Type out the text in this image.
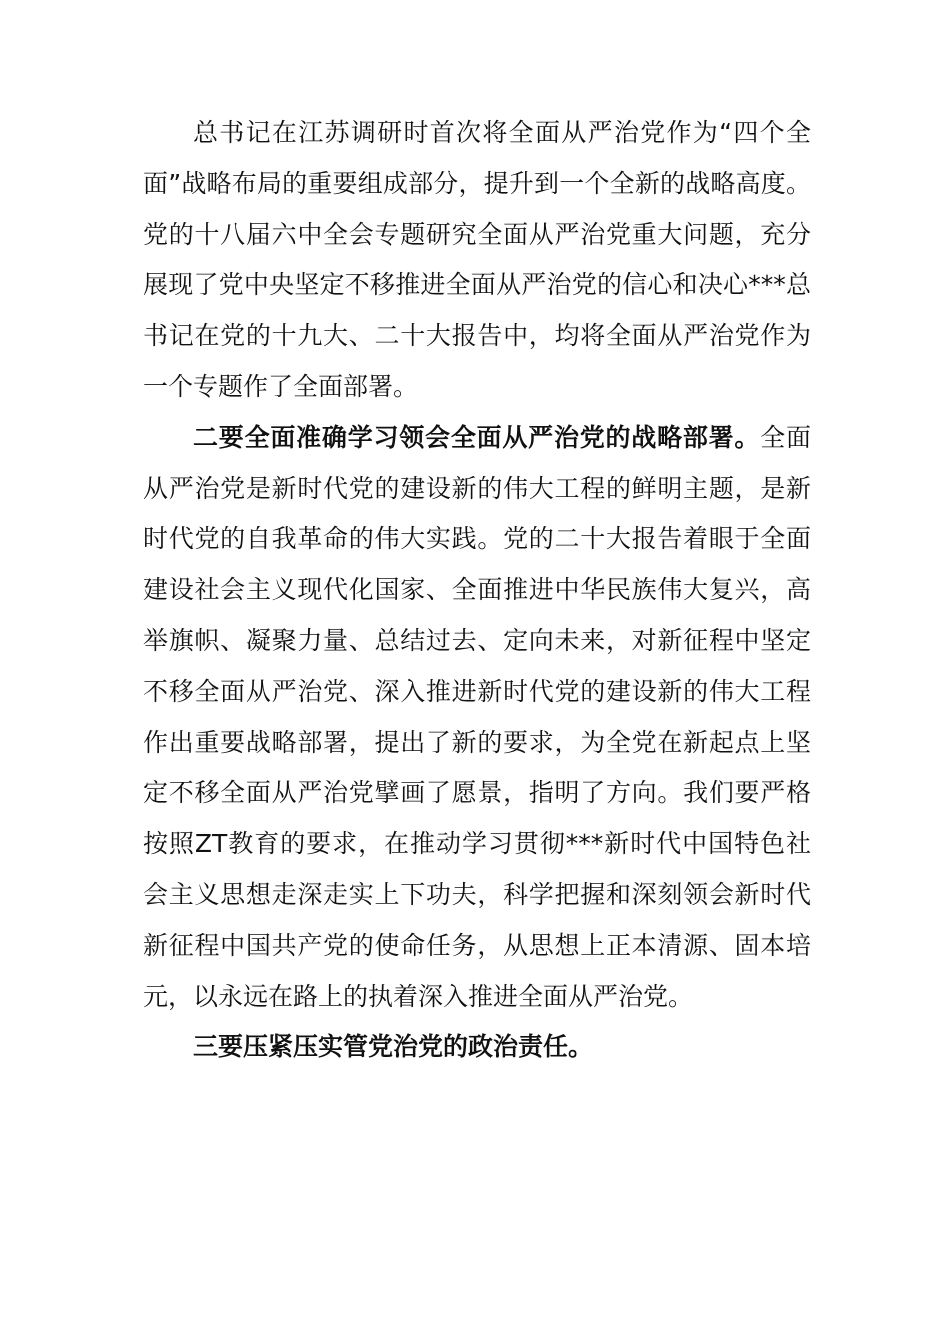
总书记在江苏调研时首次将全面从严治党作为“四个全面”战略布局的重要组成部分，提升到一个全新的战略高度。党的十八届六中全会专题研究全面从严治党重大问题，充分展现了党中央坚定不移推进全面从严治党的信心和决心***总书记在党的十九大、二十大报告中，均将全面从严治党作为一个专题作了全面部署。

二要全面准确学习领会全面从严治党的战略部署。全面从严治党是新时代党的建设新的伟大工程的鲜明主题，是新时代党的自我革命的伟大实践。党的二十大报告着眼于全面建设社会主义现代化国家、全面推进中华民族伟大复兴，高举旗帜、凝聚力量、总结过去、定向未来，对新征程中坚定不移全面从严治党、深入推进新时代党的建设新的伟大工程作出重要战略部署，提出了新的要求，为全党在新起点上坚定不移全面从严治党擘画了愿景，指明了方向。我们要严格按照ZT教育的要求，在推动学习贯彻***新时代中国特色社会主义思想走深走实上下功夫，科学把握和深刻领会新时代新征程中国共产党的使命任务，从思想上正本清源、固本培元，以永远在路上的执着深入推进全面从严治党。

三要压紧压实管党治党的政治责任。
